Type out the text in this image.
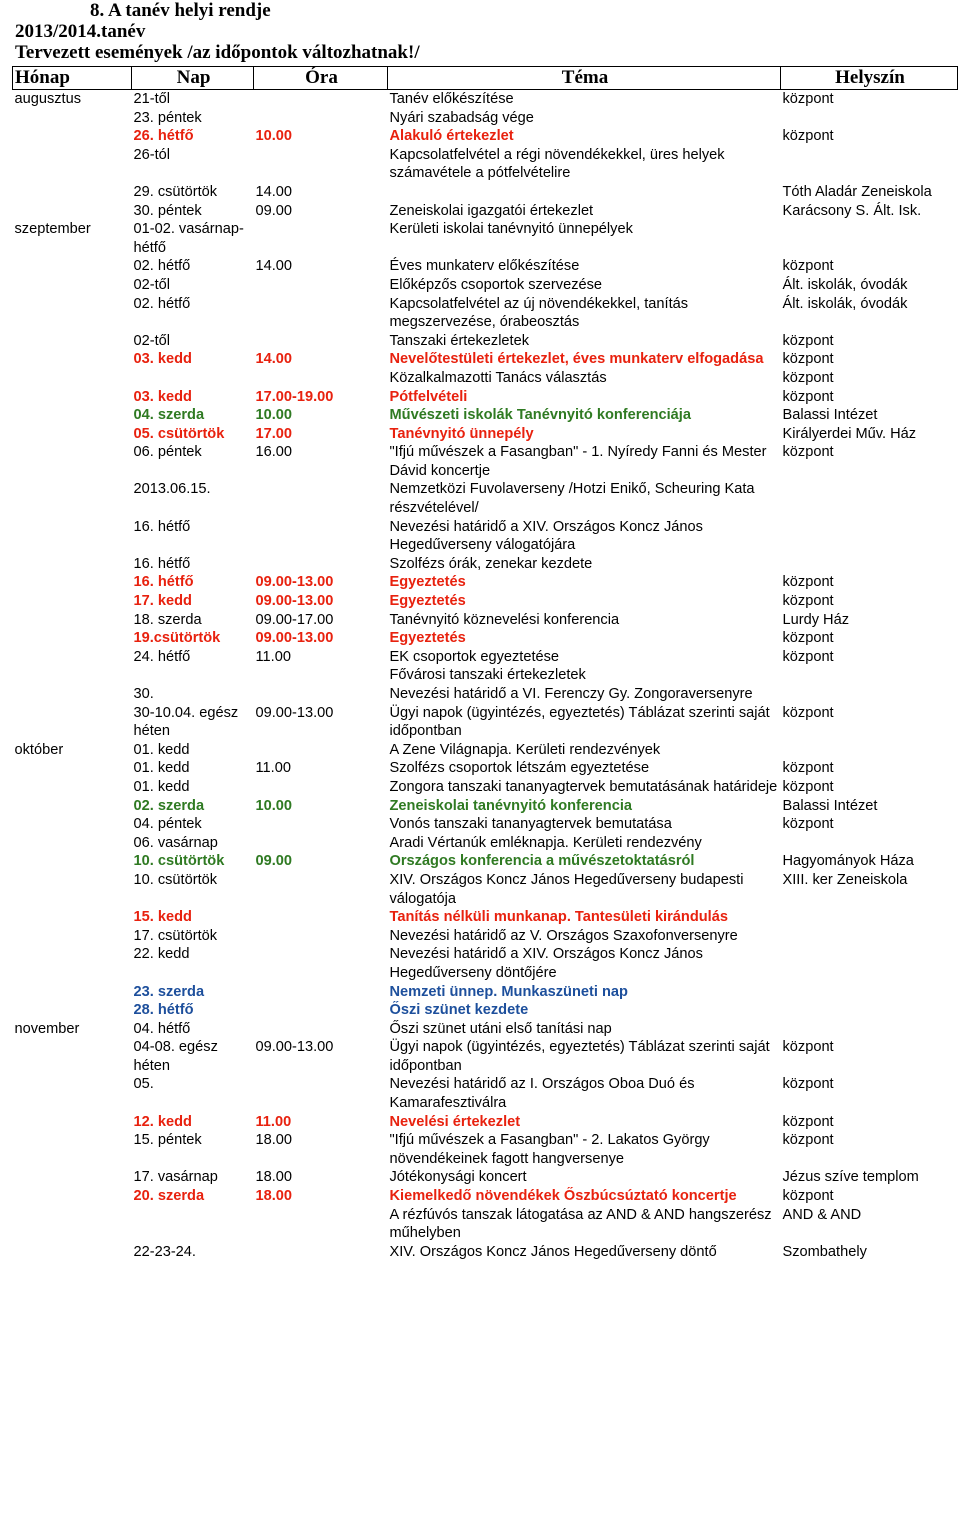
8. A tanév helyi rendje
2013/2014.tanév
Tervezett események /az időpontok változhatnak!/
Hónap	Nap	Óra	Téma	Helyszín
augusztus	21-től		Tanév előkészítése	központ
	23. péntek		Nyári szabadság vége	
	26. hétfő	10.00	Alakuló értekezlet	központ
	26-tól		Kapcsolatfelvétel a régi növendékekkel, üres helyek számavétele a pótfelvételire	
	29. csütörtök	14.00		Tóth Aladár Zeneiskola
	30. péntek	09.00	Zeneiskolai igazgatói értekezlet	Karácsony S. Ált. Isk.
szeptember	01-02. vasárnap-hétfő		Kerületi iskolai tanévnyitó ünnepélyek	
	02. hétfő	14.00	Éves munkaterv előkészítése	központ
	02-től		Előképzős csoportok szervezése	Ált. iskolák, óvodák
	02. hétfő		Kapcsolatfelvétel az új növendékekkel, tanítás megszervezése, órabeosztás	Ált. iskolák, óvodák
	02-től		Tanszaki értekezletek	központ
	03. kedd	14.00	Nevelőtestületi értekezlet, éves munkaterv elfogadása	központ
			Közalkalmazotti Tanács választás	központ
	03. kedd	17.00-19.00	Pótfelvételi	központ
	04. szerda	10.00	Művészeti iskolák Tanévnyitó konferenciája	Balassi Intézet
	05. csütörtök	17.00	Tanévnyitó ünnepély	Királyerdei Műv. Ház
	06. péntek	16.00	"Ifjú művészek a Fasangban" - 1. Nyíredy Fanni és Mester Dávid koncertje	központ
	2013.06.15.		Nemzetközi Fuvolaverseny /Hotzi Enikő, Scheuring Kata részvételével/	
	16. hétfő		Nevezési határidő a XIV. Országos Koncz János Hegedűverseny válogatójára	
	16. hétfő		Szolfézs órák, zenekar kezdete	
	16. hétfő	09.00-13.00	Egyeztetés	központ
	17. kedd	09.00-13.00	Egyeztetés	központ
	18. szerda	09.00-17.00	Tanévnyitó köznevelési konferencia	Lurdy Ház
	19.csütörtök	09.00-13.00	Egyeztetés	központ
	24. hétfő	11.00	EK csoportok egyeztetése	központ
			Fővárosi tanszaki értekezletek	
	30.		Nevezési határidő a VI. Ferenczy Gy. Zongoraversenyre	
	30-10.04. egész héten	09.00-13.00	Ügyi napok (ügyintézés, egyeztetés) Táblázat szerinti saját időpontban	központ
október	01. kedd		A Zene Világnapja. Kerületi rendezvények	
	01. kedd	11.00	Szolfézs csoportok létszám egyeztetése	központ
	01. kedd		Zongora tanszaki tananyagtervek bemutatásának határideje	központ
	02. szerda	10.00	Zeneiskolai tanévnyitó konferencia	Balassi Intézet
	04. péntek		Vonós tanszaki tananyagtervek bemutatása	központ
	06. vasárnap		Aradi Vértanúk emléknapja. Kerületi rendezvény	
	10. csütörtök	09.00	Országos konferencia a művészetoktatásról	Hagyományok Háza
	10. csütörtök		XIV. Országos Koncz János Hegedűverseny budapesti válogatója	XIII. ker Zeneiskola
	15. kedd		Tanítás nélküli munkanap. Tantesületi kirándulás	
	17. csütörtök		Nevezési határidő az V. Országos Szaxofonversenyre	
	22. kedd		Nevezési határidő a XIV. Országos Koncz János Hegedűverseny döntőjére	
	23. szerda		Nemzeti ünnep. Munkaszüneti nap	
	28. hétfő		Őszi szünet kezdete	
november	04. hétfő		Őszi szünet utáni első tanítási nap	
	04-08. egész héten	09.00-13.00	Ügyi napok (ügyintézés, egyeztetés) Táblázat szerinti saját időpontban	központ
	05.		Nevezési határidő az I. Országos Oboa Duó és Kamarafesztiválra	központ
	12. kedd	11.00	Nevelési értekezlet	központ
	15. péntek	18.00	"Ifjú művészek a Fasangban" - 2. Lakatos György növendékeinek fagott hangversenye	központ
	17. vasárnap	18.00	Jótékonysági koncert	Jézus szíve templom
	20. szerda	18.00	Kiemelkedő növendékek Őszbúcsúztató koncertje	központ
			A rézfúvós tanszak látogatása az AND & AND hangszerész műhelyben	AND & AND
	22-23-24.		XIV. Országos Koncz János Hegedűverseny döntő	Szombathely
